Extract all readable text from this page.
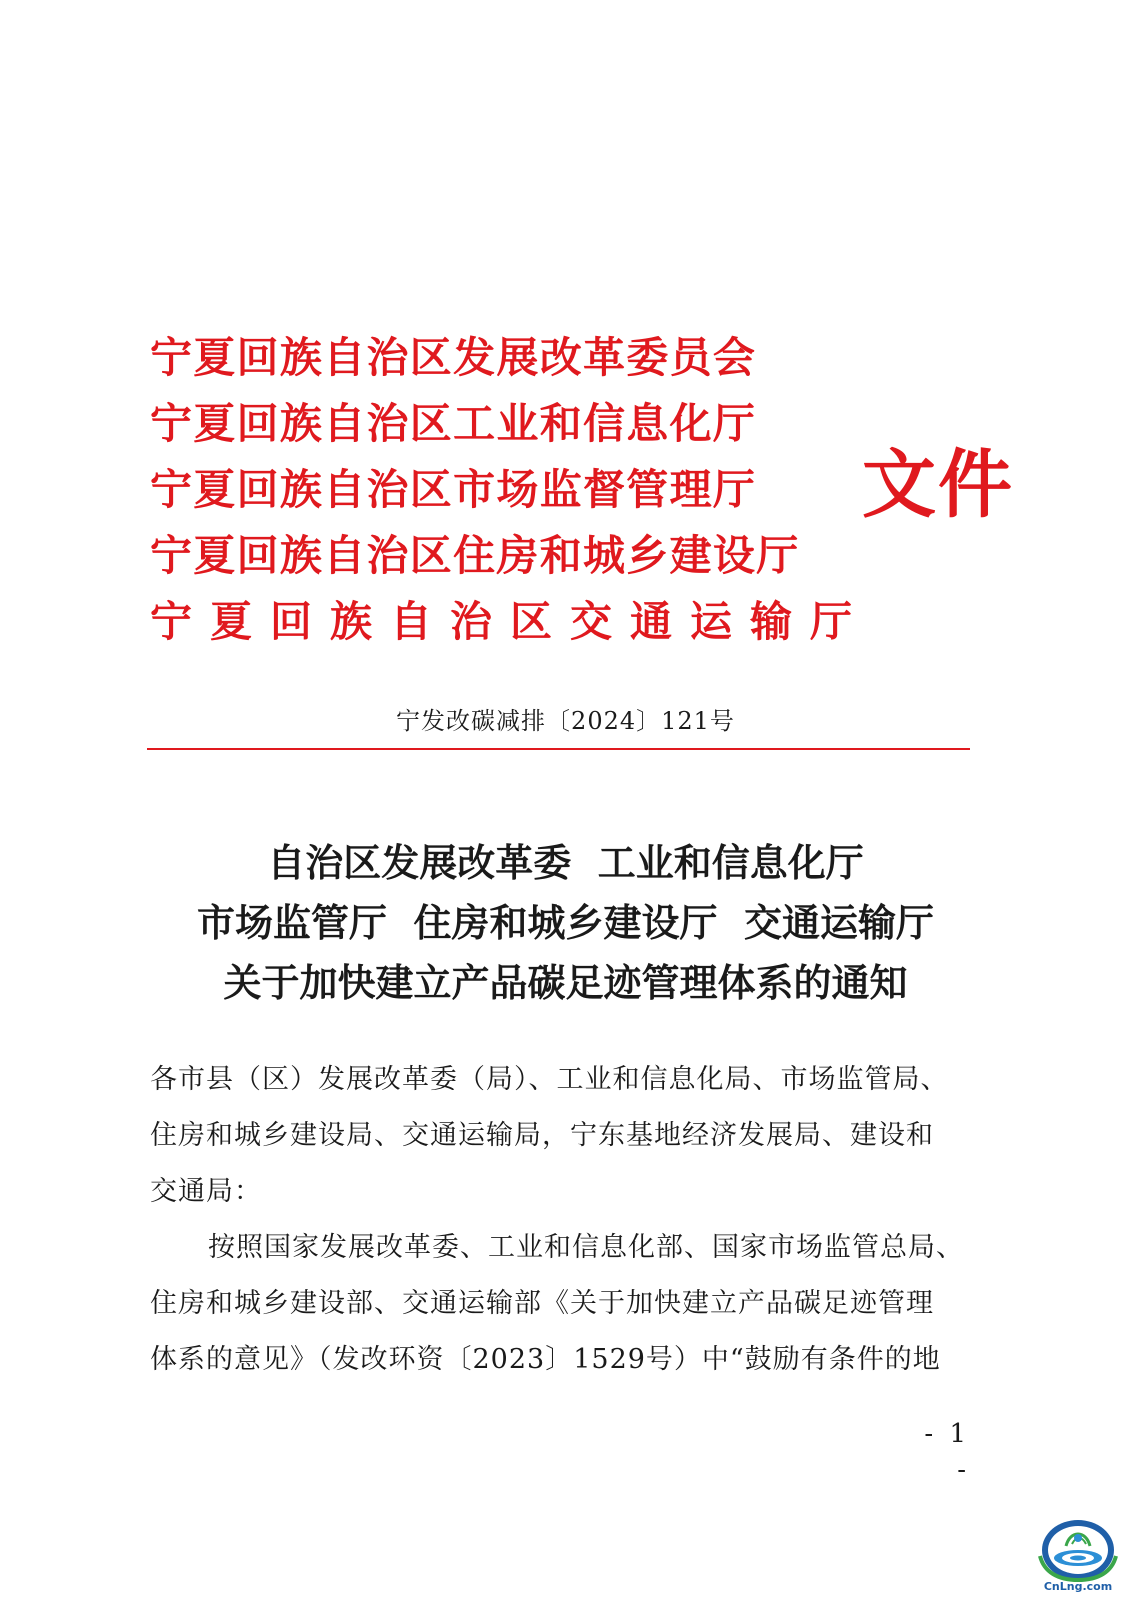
宁夏回族自治区发展改革委员会
宁夏回族自治区工业和信息化厅
宁夏回族自治区市场监督管理厅
宁夏回族自治区住房和城乡建设厅
宁夏回族自治区交通运输厅
文件
宁发改碳减排〔2024〕121号
自治区发展改革委  工业和信息化厅
市场监管厅  住房和城乡建设厅  交通运输厅
关于加快建立产品碳足迹管理体系的通知
各市县（区）发展改革委（局）、工业和信息化局、市场监管局、
住房和城乡建设局、交通运输局，宁东基地经济发展局、建设和
交通局：
按照国家发展改革委、工业和信息化部、国家市场监管总局、
住房和城乡建设部、交通运输部《关于加快建立产品碳足迹管理
体系的意见》（发改环资〔2023〕1529号）中“鼓励有条件的地
- 1 -
CnLng.com
